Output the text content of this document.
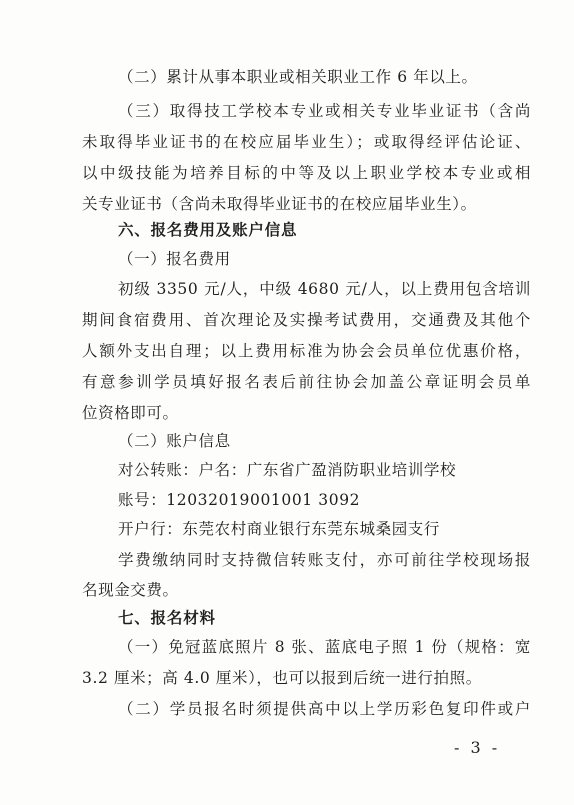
（二）累计从事本职业或相关职业工作 6 年以上。
（三）取得技工学校本专业或相关专业毕业证书（含尚
未取得毕业证书的在校应届毕业生）；或取得经评估论证、
以中级技能为培养目标的中等及以上职业学校本专业或相
关专业证书（含尚未取得毕业证书的在校应届毕业生）。
六、报名费用及账户信息
（一）报名费用
初级 3350 元/人，中级 4680 元/人，以上费用包含培训
期间食宿费用、首次理论及实操考试费用，交通费及其他个
人额外支出自理；以上费用标准为协会会员单位优惠价格，
有意参训学员填好报名表后前往协会加盖公章证明会员单
位资格即可。
（二）账户信息
对公转账：户名：广东省广盈消防职业培训学校
账号：12032019001001 3092
开户行：东莞农村商业银行东莞东城桑园支行
学费缴纳同时支持微信转账支付，亦可前往学校现场报
名现金交费。
七、报名材料
（一）免冠蓝底照片 8 张、蓝底电子照 1 份（规格：宽
3.2 厘米；高 4.0 厘米），也可以报到后统一进行拍照。
（二）学员报名时须提供高中以上学历彩色复印件或户
- 3 -
